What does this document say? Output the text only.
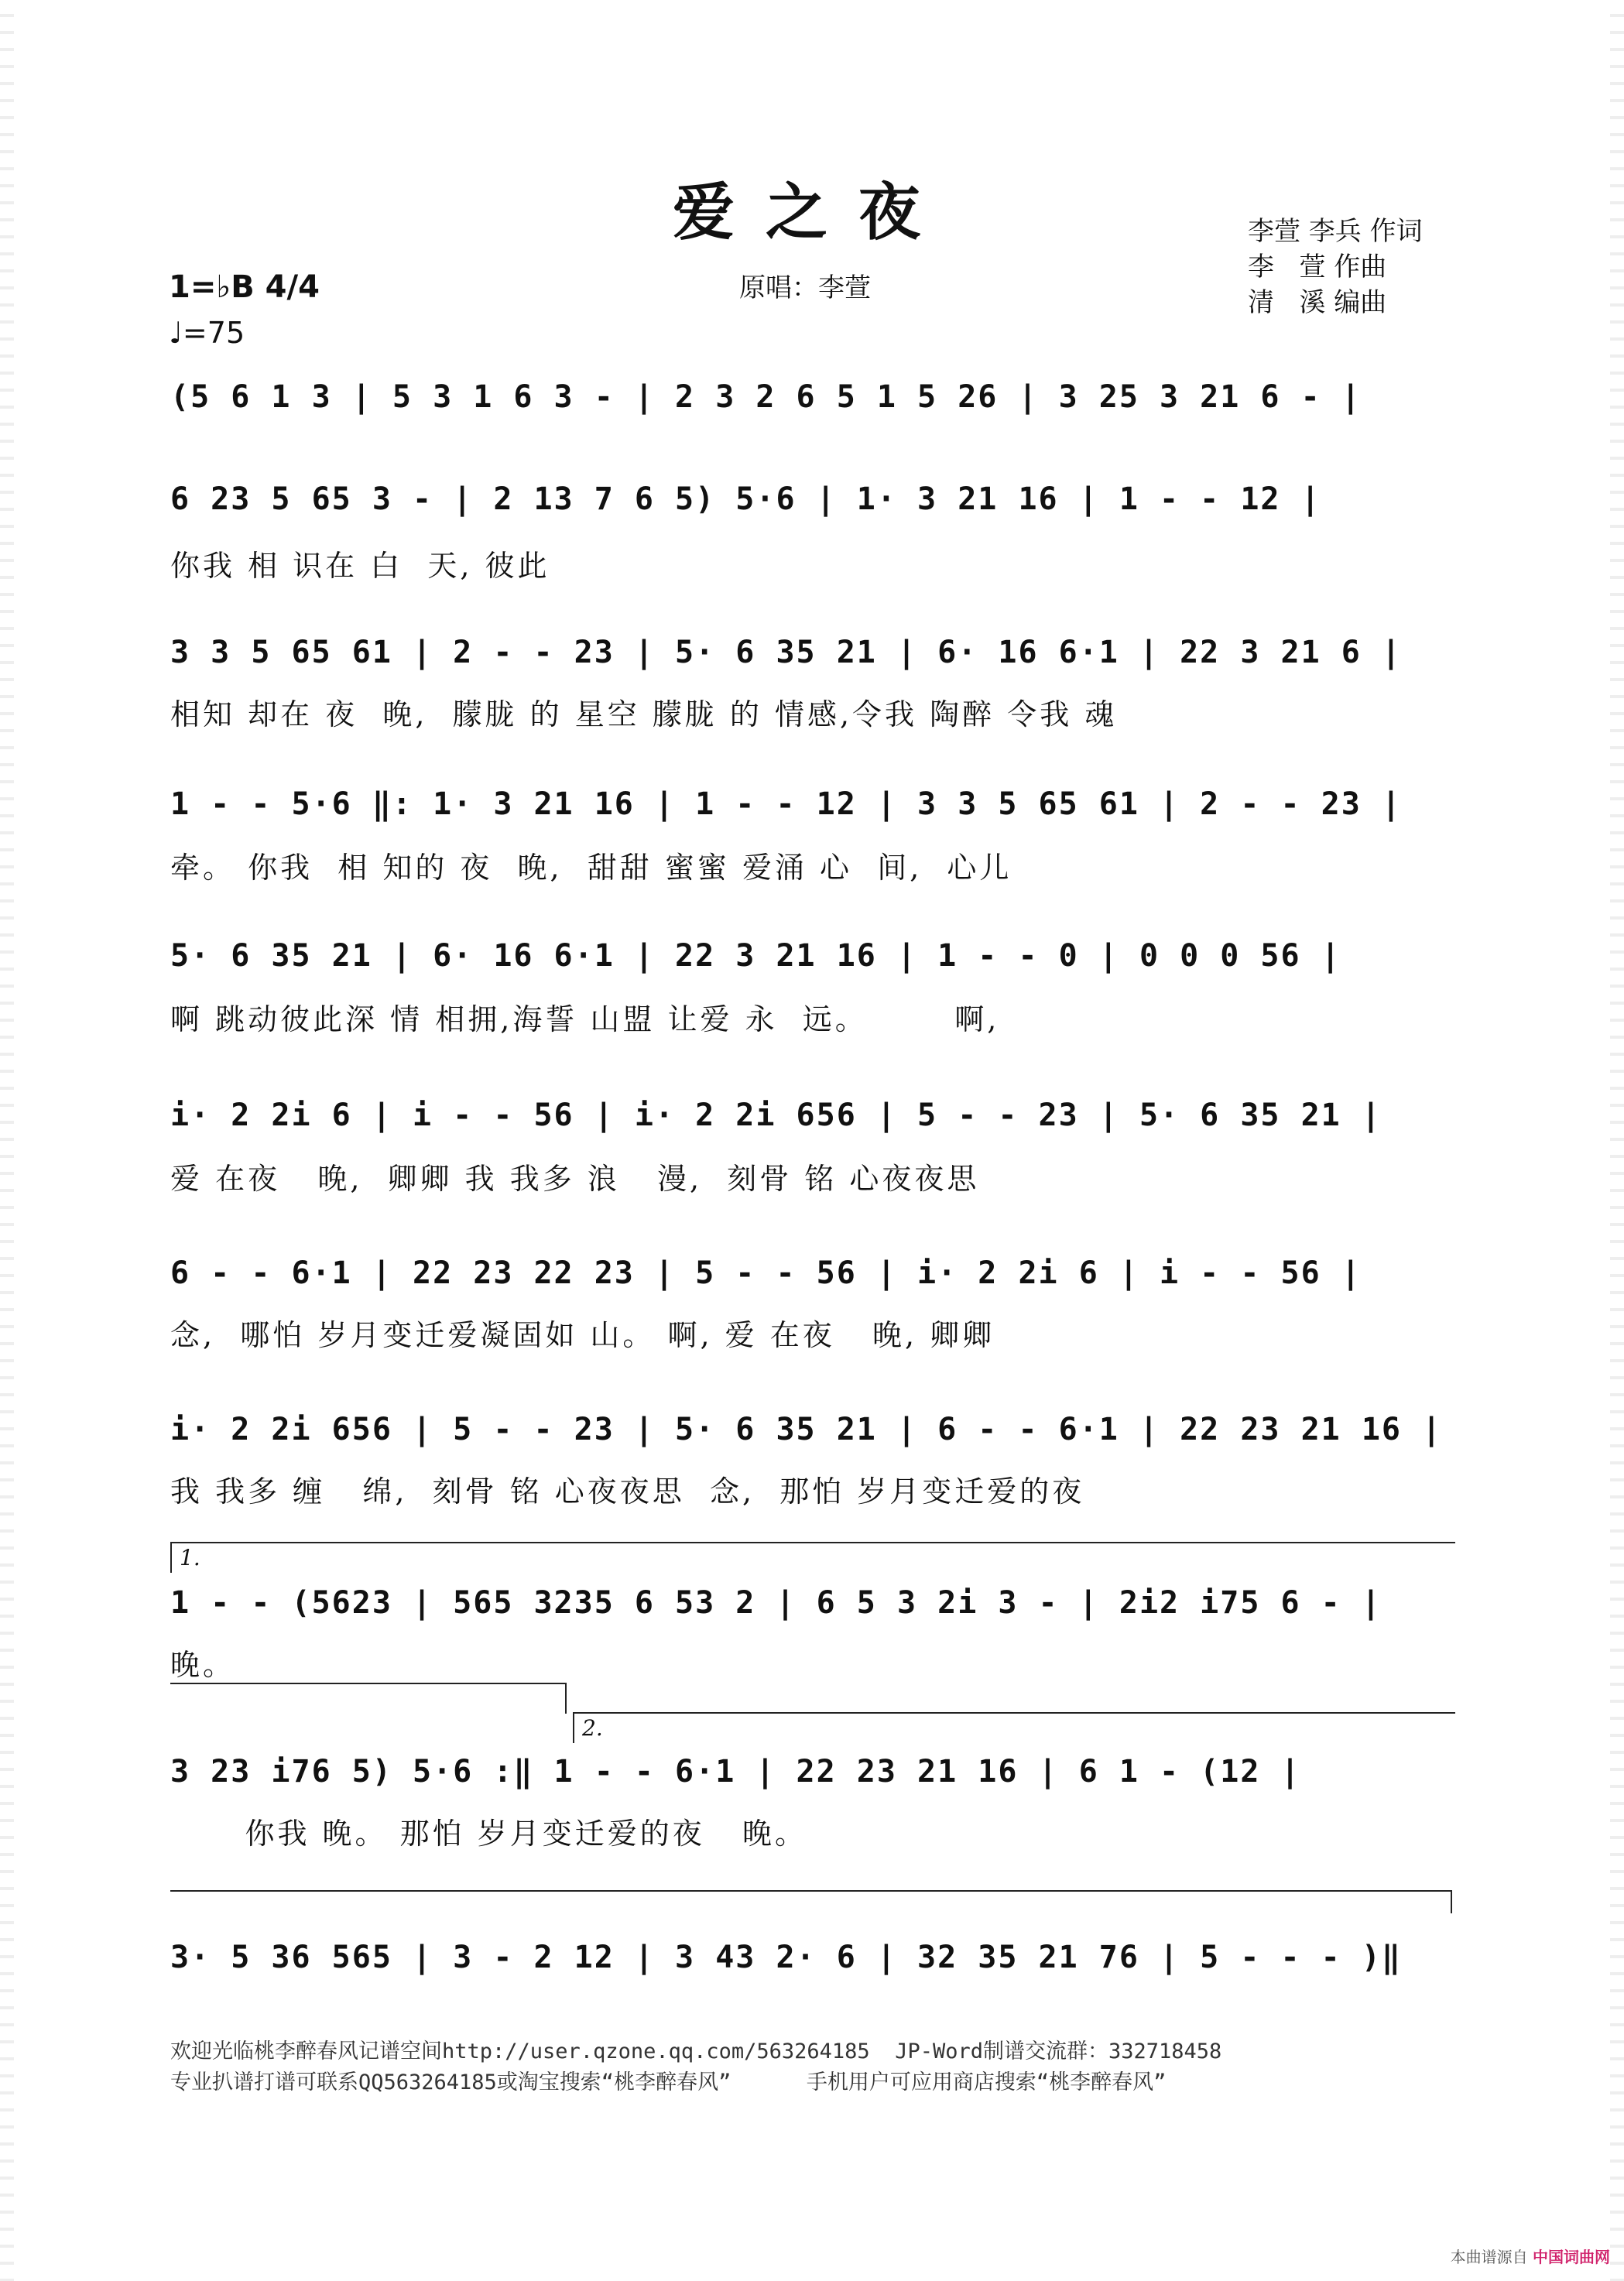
爱之夜	李萱 李兵 作词
李   萱 作曲
清   溪 编曲
原唱：李萱
1=♭B 4/4
♩=75
(5 6 1 3 | 5 3 1 6 3 - | 2 3 2 6 5 1 5 26 | 3 25 3 21 6 - |
6 23 5 65 3 - | 2 13 7 6 5) 5·6 | 1· 3 21 16 | 1 - - 12 |
你我 相 识在 白  天, 彼此
3 3 5 65 61 | 2 - - 23 | 5· 6 35 21 | 6· 16 6·1 | 22 3 21 6 |
相知 却在 夜  晚,  朦胧 的 星空 朦胧 的 情感,令我 陶醉 令我 魂
1 - - 5·6 ‖: 1· 3 21 16 | 1 - - 12 | 3 3 5 65 61 | 2 - - 23 |
牵。 你我  相 知的 夜  晚,  甜甜 蜜蜜 爱涌 心  间,  心儿
5· 6 35 21 | 6· 16 6·1 | 22 3 21 16 | 1 - - 0 | 0 0 0 56 |
啊 跳动彼此深 情 相拥,海誓 山盟 让爱 永  远。       啊,
i· 2 2i 6 | i - - 56 | i· 2 2i 656 | 5 - - 23 | 5· 6 35 21 |
爱 在夜   晚,  卿卿 我 我多 浪   漫,  刻骨 铭 心夜夜思
6 - - 6·1 | 22 23 22 23 | 5 - - 56 | i· 2 2i 6 | i - - 56 |
念,  哪怕 岁月变迁爱凝固如 山。 啊, 爱 在夜   晚, 卿卿
i· 2 2i 656 | 5 - - 23 | 5· 6 35 21 | 6 - - 6·1 | 22 23 21 16 |
我 我多 缠   绵,  刻骨 铭 心夜夜思  念,  那怕 岁月变迁爱的夜
1 - - (5623 | 565 3235 6 53 2 | 6 5 3 2i 3 - | 2i2 i75 6 - |
晚。
3 23 i76 5) 5·6 :‖ 1 - - 6·1 | 22 23 21 16 | 6 1 - (12 |
你我 晚。 那怕 岁月变迁爱的夜   晚。
3· 5 36 565 | 3 - 2 12 | 3 43 2· 6 | 32 35 21 76 | 5 - - - )‖
1.
2.
欢迎光临桃李醉春风记谱空间http://user.qzone.qq.com/563264185  JP-Word制谱交流群：332718458
专业扒谱打谱可联系QQ563264185或淘宝搜索“桃李醉春风”      手机用户可应用商店搜索“桃李醉春风”
本曲谱源自 中国词曲网
